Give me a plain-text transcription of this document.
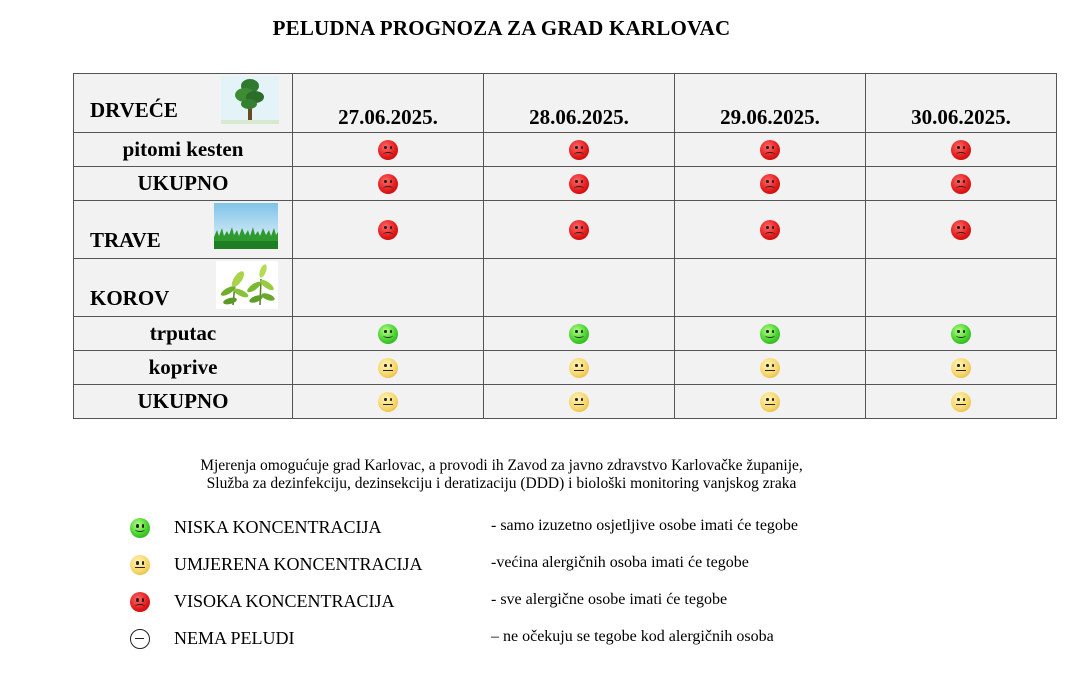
PELUDNA PROGNOZA ZA GRAD KARLOVAC
DRVEĆE	27.06.2025.	28.06.2025.	29.06.2025.	30.06.2025.
pitomi kesten	

UKUPNO	

TRAVE				

KOROV				

trputac	

koprive	

UKUPNO	

Mjerenja omogućuje grad Karlovac, a provodi ih Zavod za javno zdravstvo Karlovačke županije,
Služba za dezinfekciju, dezinsekciju i deratizaciju (DDD) i biološki monitoring vanjskog zraka
NISKA KONCENTRACIJA	- samo izuzetno osjetljive osobe imati će tegobe
UMJERENA KONCENTRACIJA	-većina alergičnih osoba imati će tegobe
VISOKA KONCENTRACIJA	- sve alergične osobe imati će tegobe
NEMA PELUDI	– ne očekuju se tegobe kod alergičnih osoba
